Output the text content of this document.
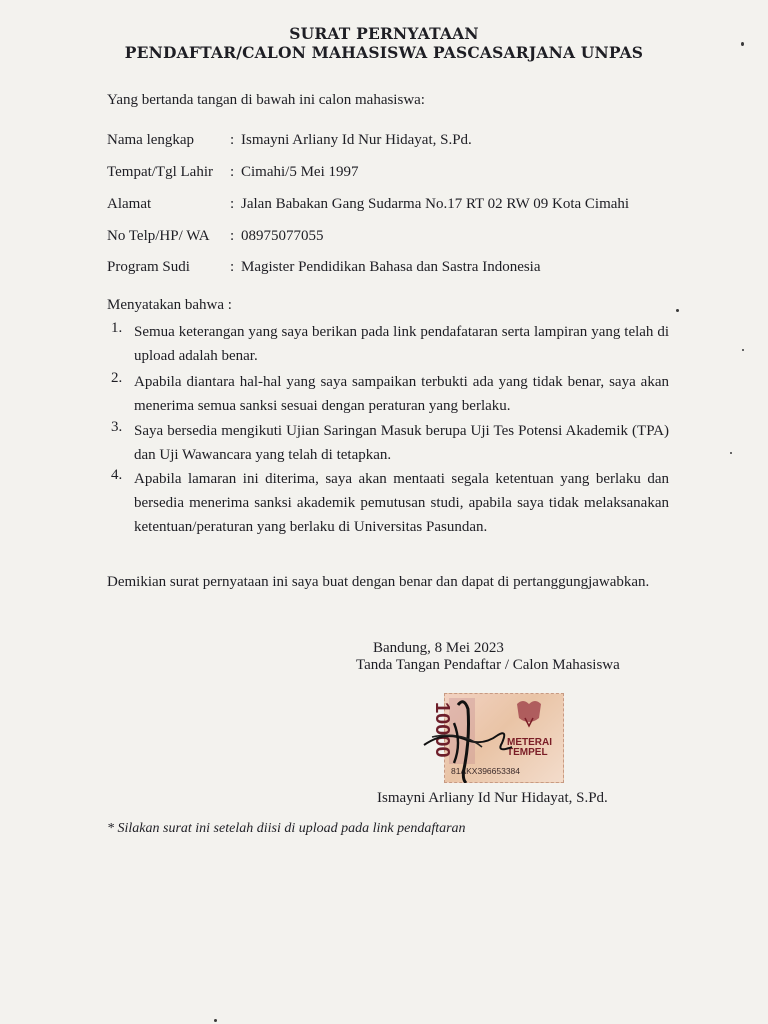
SURAT PERNYATAAN
PENDAFTAR/CALON MAHASISWA PASCASARJANA UNPAS
Yang bertanda tangan di bawah ini calon mahasiswa:
Nama lengkap : Ismayni Arliany Id Nur Hidayat, S.Pd.
Tempat/Tgl Lahir : Cimahi/5 Mei 1997
Alamat	: Jalan Babakan Gang Sudarma No.17 RT 02 RW 09 Kota Cimahi
No Telp/HP/ WA : 08975077055
Program Sudi	: Magister Pendidikan Bahasa dan Sastra Indonesia
Menyatakan bahwa :
1. Semua keterangan yang saya berikan pada link pendafataran serta lampiran yang telah di upload adalah benar.
2. Apabila diantara hal-hal yang saya sampaikan terbukti ada yang tidak benar, saya akan menerima semua sanksi sesuai dengan peraturan yang berlaku.
3. Saya bersedia mengikuti Ujian Saringan Masuk berupa Uji Tes Potensi Akademik (TPA) dan Uji Wawancara yang telah di tetapkan.
4. Apabila lamaran ini diterima, saya akan mentaati segala ketentuan yang berlaku dan bersedia menerima sanksi akademik pemutusan studi, apabila saya tidak melaksanakan ketentuan/peraturan yang berlaku di Universitas Pasundan.
Demikian surat pernyataan ini saya buat dengan benar dan dapat di pertanggungjawabkan.
Bandung, 8 Mei 2023
Tanda Tangan Pendaftar / Calon Mahasiswa
10000	METERAI
TEMPEL
81AKX396653384
Ismayni Arliany Id Nur Hidayat, S.Pd.
* Silakan surat ini setelah diisi di upload pada link pendaftaran
